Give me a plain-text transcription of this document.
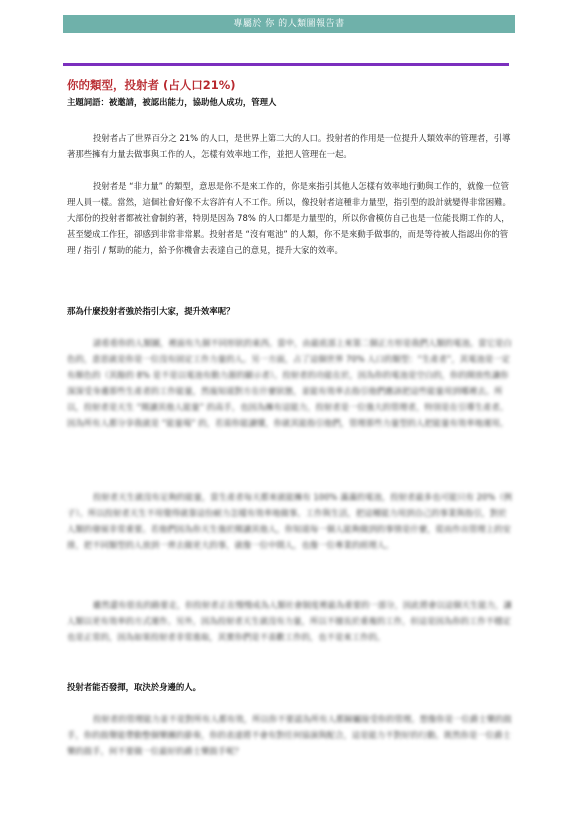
專屬於 你 的人類圖報告書
你的類型，投射者 (占人口21%)
主題詞語：被邀請，被認出能力，協助他人成功，管理人

投射者占了世界百分之 21% 的人口，是世界上第二大的人口。投射者的作用是一位提升人類效率的管理者，引導著那些擁有力量去做事與工作的人，怎樣有效率地工作，並把人管理在一起。

投射者是 “非力量” 的類型，意思是你不是來工作的，你是來指引其他人怎樣有效率地行動與工作的，就像一位管理人員一樣。當然，這個社會好像不太容許有人不工作。所以，像投射者這種非力量型，指引型的設計就變得非常困難。大部份的投射者都被社會制約著，特別是因為 78% 的人口都是力量型的，所以你會模仿自己也是一位能長期工作的人，甚至變成工作狂，卻感到非常非常累。投射者是 “沒有電池” 的人類，你不是來動手做事的，而是等待被人指認出你的管理 / 指引 / 幫助的能力，給予你機會去表達自己的意見，提升大家的效率。

那為什麼投射者強於指引大家，提升效率呢？

請看看你的人類圖，裡面有九個不同形狀的東西。當中，由最底部上來第二個正方形是我們人類的電池。當它是白色的，意思就是你是一位沒有固定工作力量的人。另一方面，占了這個世界 70% 人口的類型：“生產者”，其電池是一定有顏色的（其餘的 8% 是不是以電池有動力源的顯示者）。投射者的功能在於，因為你的電池是空白的，你的開放性讓你深深受身邊那些生產者的工作能量，然後知道對方在什麼狀態，並能有效率去指引他們應該把這些能量用到哪裡去。所以，投射者是天生 “閱讀其他人能量” 的高手，也因為擁有這能力，投射者是一位強大的管理者，特別是在引導生產者。因為所有人都分享我就是 “能量場” 的，若需你能讀懂，你就其能指引他們，管理那些力量型的人把能量有效率地運用。

投射者天生就沒有足夠的能量，當生產者每天都來就能擁有 100% 滿滿的電池，投射者最多也可能只有 20%（例子）。所以投射者天生不用覺得就靠這份耐力怎樣有效率地做事。工作與生活，把這種能力用到自己的事業與指引，對於人類的發展非常重要。若他們因為你天生強於閱讀其他人，你知道每一個人能夠做到的事情是什麼，從而作出管理上的安排，把不同類型的人放到一齊去做更大的事，就像一位中間人，也像一位專業的經理人。

雖然還有很長的路要走，但投射者正在慢慢成為人類社會制度裡最為重要的一部分，因此將會以這個天生能力，讓人類以更有效率的方式運作。另外，因為投射者天生就沒有力量，所以不擅長於重複的工作，但這是因為你的工作不穩定也是正常的，因為如果投射者非常進取，其實你們是不喜歡工作的，也不是來工作的。

投射者能否發揮，取決於身邊的人。

投射者的管理能力並不是對所有人都有效，所以你不要認為所有人都歸屬接受你的管理。想像你是一位爵士樂的鼓手，你的鼓聲能帶動整個樂團的節奏，你的表達將不會有對任何協演與配合，這是能力不對好的行動。既然你是一位爵士樂的鼓手，何不要做一位最好的爵士樂鼓手呢？
